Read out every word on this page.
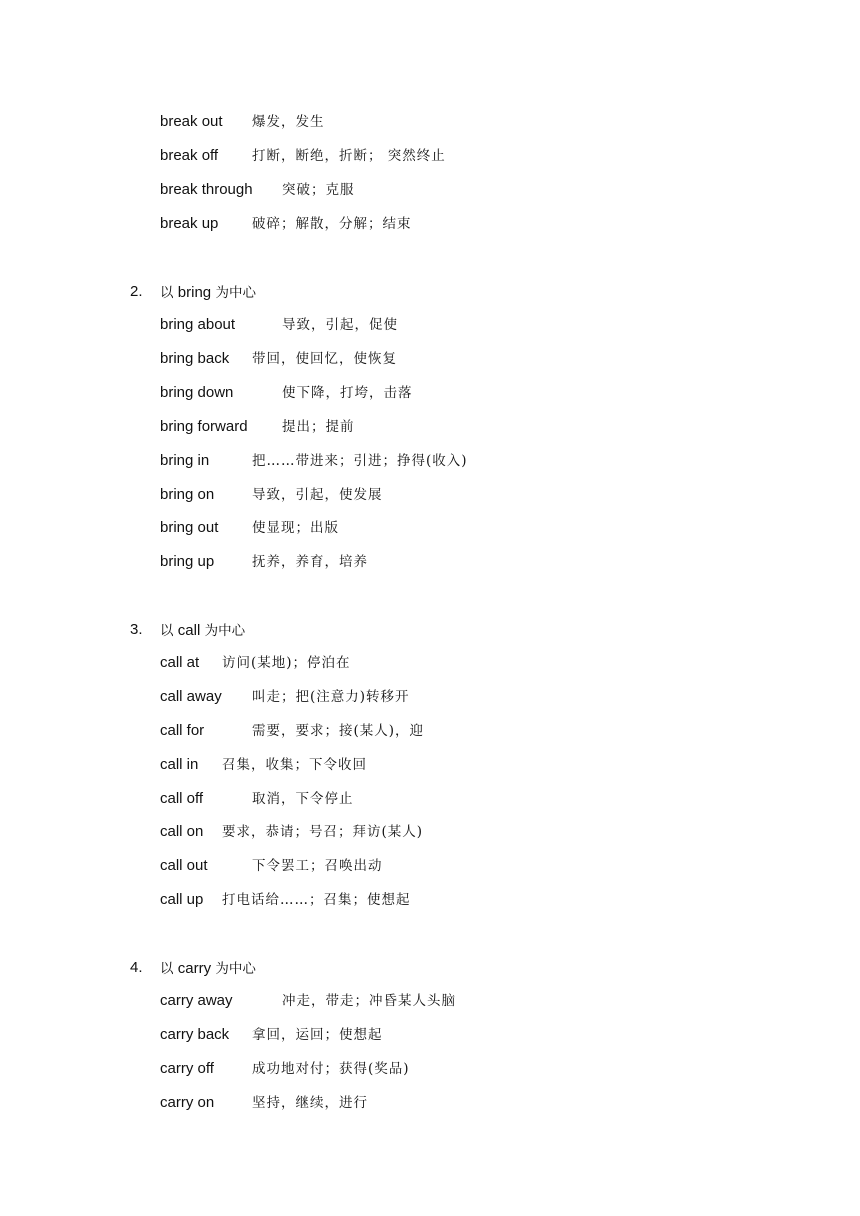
break out 爆发，发生
break off	打断，断绝，折断； 突然终止
break through 突破；克服
break up 破碎；解散，分解；结束
2. 以 bring 为中心
bring about	导致，引起，促使
bring back 带回，使回忆，使恢复
bring down	使下降，打垮，击落
bring forward	提出；提前
bring in	把……带进来；引进；挣得(收入)
bring on	导致，引起，使发展
bring out 使显现；出版
bring up	抚养，养育，培养
3. 以 call 为中心
call at 访问(某地)；停泊在
call away 叫走；把(注意力)转移开
call for	需要，要求；接(某人)，迎
call in 召集，收集；下令收回
call off	取消，下令停止
call on 要求，恭请；号召；拜访(某人)
call out	下令罢工；召唤出动
call up 打电话给……；召集；使想起
4. 以 carry 为中心
carry away	冲走，带走；冲昏某人头脑
carry back 拿回，运回；使想起
carry off	成功地对付；获得(奖品)
carry on	坚持，继续，进行
